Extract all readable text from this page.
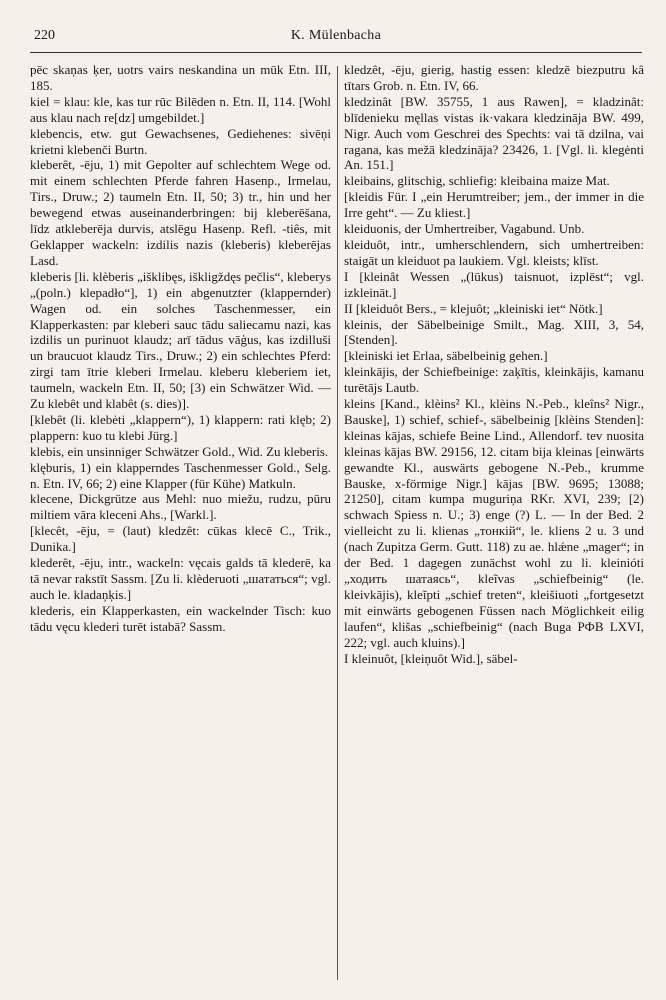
220	K. Mülenbacha

pēc skaņas ķer, uotrs vairs neskandina un mūk Etn. III, 185.

kiel = klau: kle, kas tur rūc Bilēden n. Etn. II, 114. [Wohl aus klau nach re[dz] umgebildet.]

klebencis, etw. gut Gewachsenes, Gediehenes: sivēņi krietni klebenči Burtn.

kleberêt, -ēju, 1) mit Gepolter auf schlechtem Wege od. mit einem schlechten Pferde fahren Hasenp., Irmelau, Tirs., Druw.; 2) taumeln Etn. II, 50; 3) tr., hin und her bewegend etwas auseinanderbringen: bij kleberēšana, līdz atkleberēja durvis, atslēgu Hasenp. Refl. -tiês, mit Geklapper wackeln: izdilis nazis (kleberis) kleberējas Lasd.

kleberis [li. klèberis „išklibęs, iškligždęs pečlis“, kleberys „(poln.) klepadło“], 1) ein abgenutzter (klappernder) Wagen od. ein solches Taschenmesser, ein Klapperkasten: par kleberi sauc tādu saliecamu nazi, kas izdilis un purinuot klaudz; arī tādus vāģus, kas izdilluši un braucuot klaudz Tirs., Druw.; 2) ein schlechtes Pferd: zirgi tam ītrie kleberi Irmelau. kleberu kleberiem iet, taumeln, wackeln Etn. II, 50; [3) ein Schwätzer Wid. — Zu klebêt und klabêt (s. dies)].

[klebêt (li. klebėti „klappern“), 1) klappern: rati klęb; 2) plappern: kuo tu klebi Jürg.]

klebis, ein unsinniger Schwätzer Gold., Wid. Zu kleberis.

klęburis, 1) ein klapperndes Taschenmesser Gold., Selg. n. Etn. IV, 66; 2) eine Klapper (für Kühe) Matkuln.

klecene, Dickgrütze aus Mehl: nuo miežu, rudzu, pūru miltiem vāra kleceni Ahs., [Warkl.].

[klecêt, -ēju, = (laut) kledzêt: cūkas klecē C., Trik., Dunika.]

klederêt, -ēju, intr., wackeln: vęcais galds tā klederē, ka tā nevar rakstīt Sassm. [Zu li. klèderuoti „шататься“; vgl. auch le. kladaņķis.]

klederis, ein Klapperkasten, ein wackelnder Tisch: kuo tādu vęcu klederi turēt istabā? Sassm.

kledzêt, -ēju, gierig, hastig essen: kledzē biezputru kâ tītars Grob. n. Etn. IV, 66.

kledzinât [BW. 35755, 1 aus Rawen], = kladzinât: blīdenieku męllas vistas ik·vakara kledzināja BW. 499, Nigr. Auch vom Geschrei des Spechts: vai tā dzilna, vai ragana, kas mežā kledzināja? 23426, 1. [Vgl. li. klegėnti An. 151.]

kleibains, glitschig, schliefig: kleibaina maize Mat.

[kleidis Für. I „ein Herumtreiber; jem., der immer in die Irre geht“. — Zu kliest.]

kleiduonis, der Umhertreiber, Vagabund. Unb.

kleiduôt, intr., umherschlendern, sich umhertreiben: staigāt un kleiduot pa laukiem. Vgl. kleists; klīst.

I [kleinât Wessen „(lūkus) taisnuot, izplēst“; vgl. izkleināt.]

II [kleiduôt Bers., = klejuôt; „kleiniski iet“ Nötk.]

kleinis, der Säbelbeinige Smilt., Mag. XIII, 3, 54, [Stenden].

[kleiniski iet Erlaa, säbelbeinig gehen.]

kleinkājis, der Schiefbeinige: zaķītis, kleinkājis, kamanu turētājs Lautb.

kleins [Kand., klèins² Kl., klèins N.-Peb., kleîns² Nigr., Bauske], 1) schief, schief-, säbelbeinig [klèins Stenden]: kleinas kājas, schiefe Beine Lind., Allendorf. tev nuosita kleinas kājas BW. 29156, 12. citam bija kleinas [einwärts gewandte Kl., auswärts gebogene N.-Peb., krumme Bauske, x-förmige Nigr.] kājas [BW. 9695; 13088; 21250], citam kumpa muguriņa RKr. XVI, 239; [2) schwach Spiess n. U.; 3) enge (?) L. — In der Bed. 2 vielleicht zu li. klienas „тонкій“, le. kliens 2 u. 3 und (nach Zupitza Germ. Gutt. 118) zu ae. hlǽne „mager“; in der Bed. 1 dagegen zunächst wohl zu li. kleinióti „ходить шатаясь“, kleĩvas „schiefbeinig“ (le. kleivkājis), kleĩpti „schief treten“, kleišiuoti „fortgesetzt mit einwärts gebogenen Füssen nach Möglichkeit eilig laufen“, klišas „schiefbeinig“ (nach Buga РФВ LXVI, 222; vgl. auch kluins).]

I kleinuôt, [kleiņuôt Wid.], säbel-
